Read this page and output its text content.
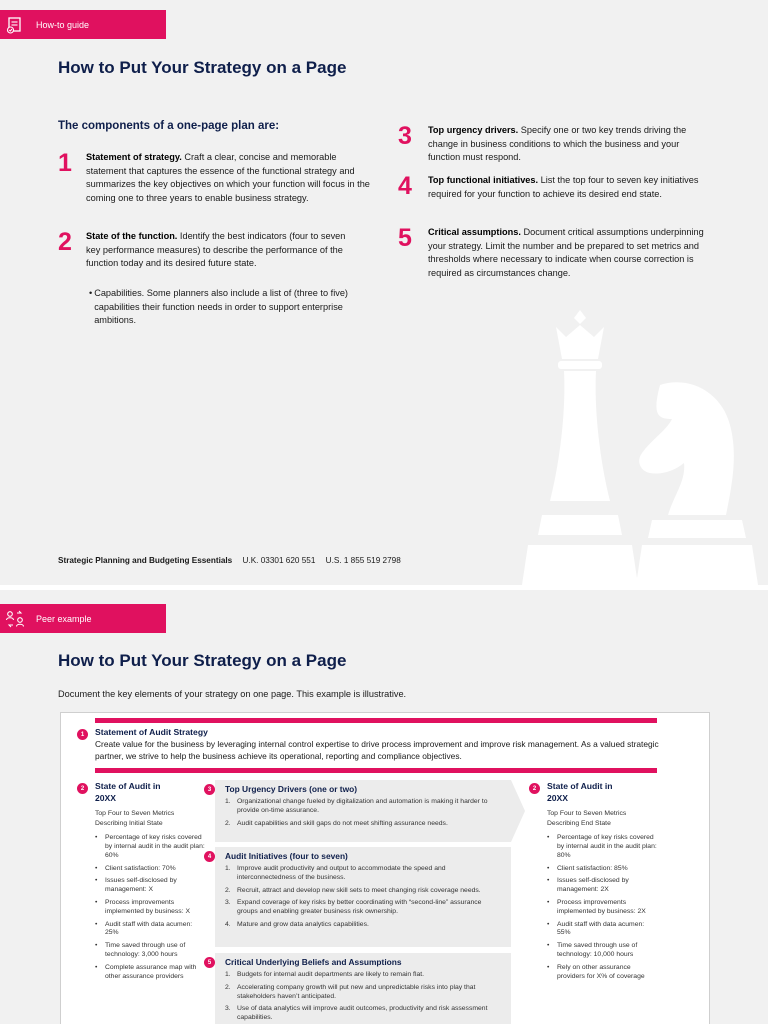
How-to guide
How to Put Your Strategy on a Page
The components of a one-page plan are:
1	Statement of strategy. Craft a clear, concise and memorable statement that captures the essence of the functional strategy and summarizes the key objectives on which your function will focus in the coming one to three years to enable business strategy.
2	State of the function. Identify the best indicators (four to seven key performance measures) to describe the performance of the function today and its desired future state.
• Capabilities. Some planners also include a list of (three to five) capabilities their function needs in order to support enterprise ambitions.
3	Top urgency drivers. Specify one or two key trends driving the change in business conditions to which the business and your function must respond.
4	Top functional initiatives. List the top four to seven key initiatives required for your function to achieve its desired end state.
5	Critical assumptions. Document critical assumptions underpinning your strategy. Limit the number and be prepared to set metrics and thresholds where necessary to indicate when course correction is required as circumstances change.
Strategic Planning and Budgeting Essentials U.K. 03301 620 551 U.S. 1 855 519 2798
Peer example
How to Put Your Strategy on a Page

Document the key elements of your strategy on one page. This example is illustrative.

1	Statement of Audit Strategy
Create value for the business by leveraging internal control expertise to drive process improvement and improve risk management. As a valued strategic partner, we strive to help the business achieve its operational, reporting and compliance objectives.
2	State of Audit in 20XX
Top Four to Seven Metrics Describing Initial State
• Percentage of key risks covered by internal audit in the audit plan: 60%
• Client satisfaction: 70%
• Issues self-disclosed by management: X
• Process improvements implemented by business: X
• Audit staff with data acumen: 25%
• Time saved through use of technology: 3,000 hours
• Complete assurance map with other assurance providers
3	Top Urgency Drivers (one or two)
1. Organizational change fueled by digitalization and automation is making it harder to provide on-time assurance.
2. Audit capabilities and skill gaps do not meet shifting assurance needs.
4	Audit Initiatives (four to seven)
1. Improve audit productivity and output to accommodate the speed and interconnectedness of the business.
2. Recruit, attract and develop new skill sets to meet changing risk coverage needs.
3. Expand coverage of key risks by better coordinating with “second-line” assurance groups and enabling greater business risk ownership.
4. Mature and grow data analytics capabilities.
5	Critical Underlying Beliefs and Assumptions
1. Budgets for internal audit departments are likely to remain flat.
2. Accelerating company growth will put new and unpredictable risks into play that stakeholders haven’t anticipated.
3. Use of data analytics will improve audit outcomes, productivity and risk assessment capabilities.
2	State of Audit in 20XX
Top Four to Seven Metrics Describing End State
• Percentage of key risks covered by internal audit in the audit plan: 80%
• Client satisfaction: 85%
• Issues self-disclosed by management: 2X
• Process improvements implemented by business: 2X
• Audit staff with data acumen: 55%
• Time saved through use of technology: 10,000 hours
• Rely on other assurance providers for X% of coverage
